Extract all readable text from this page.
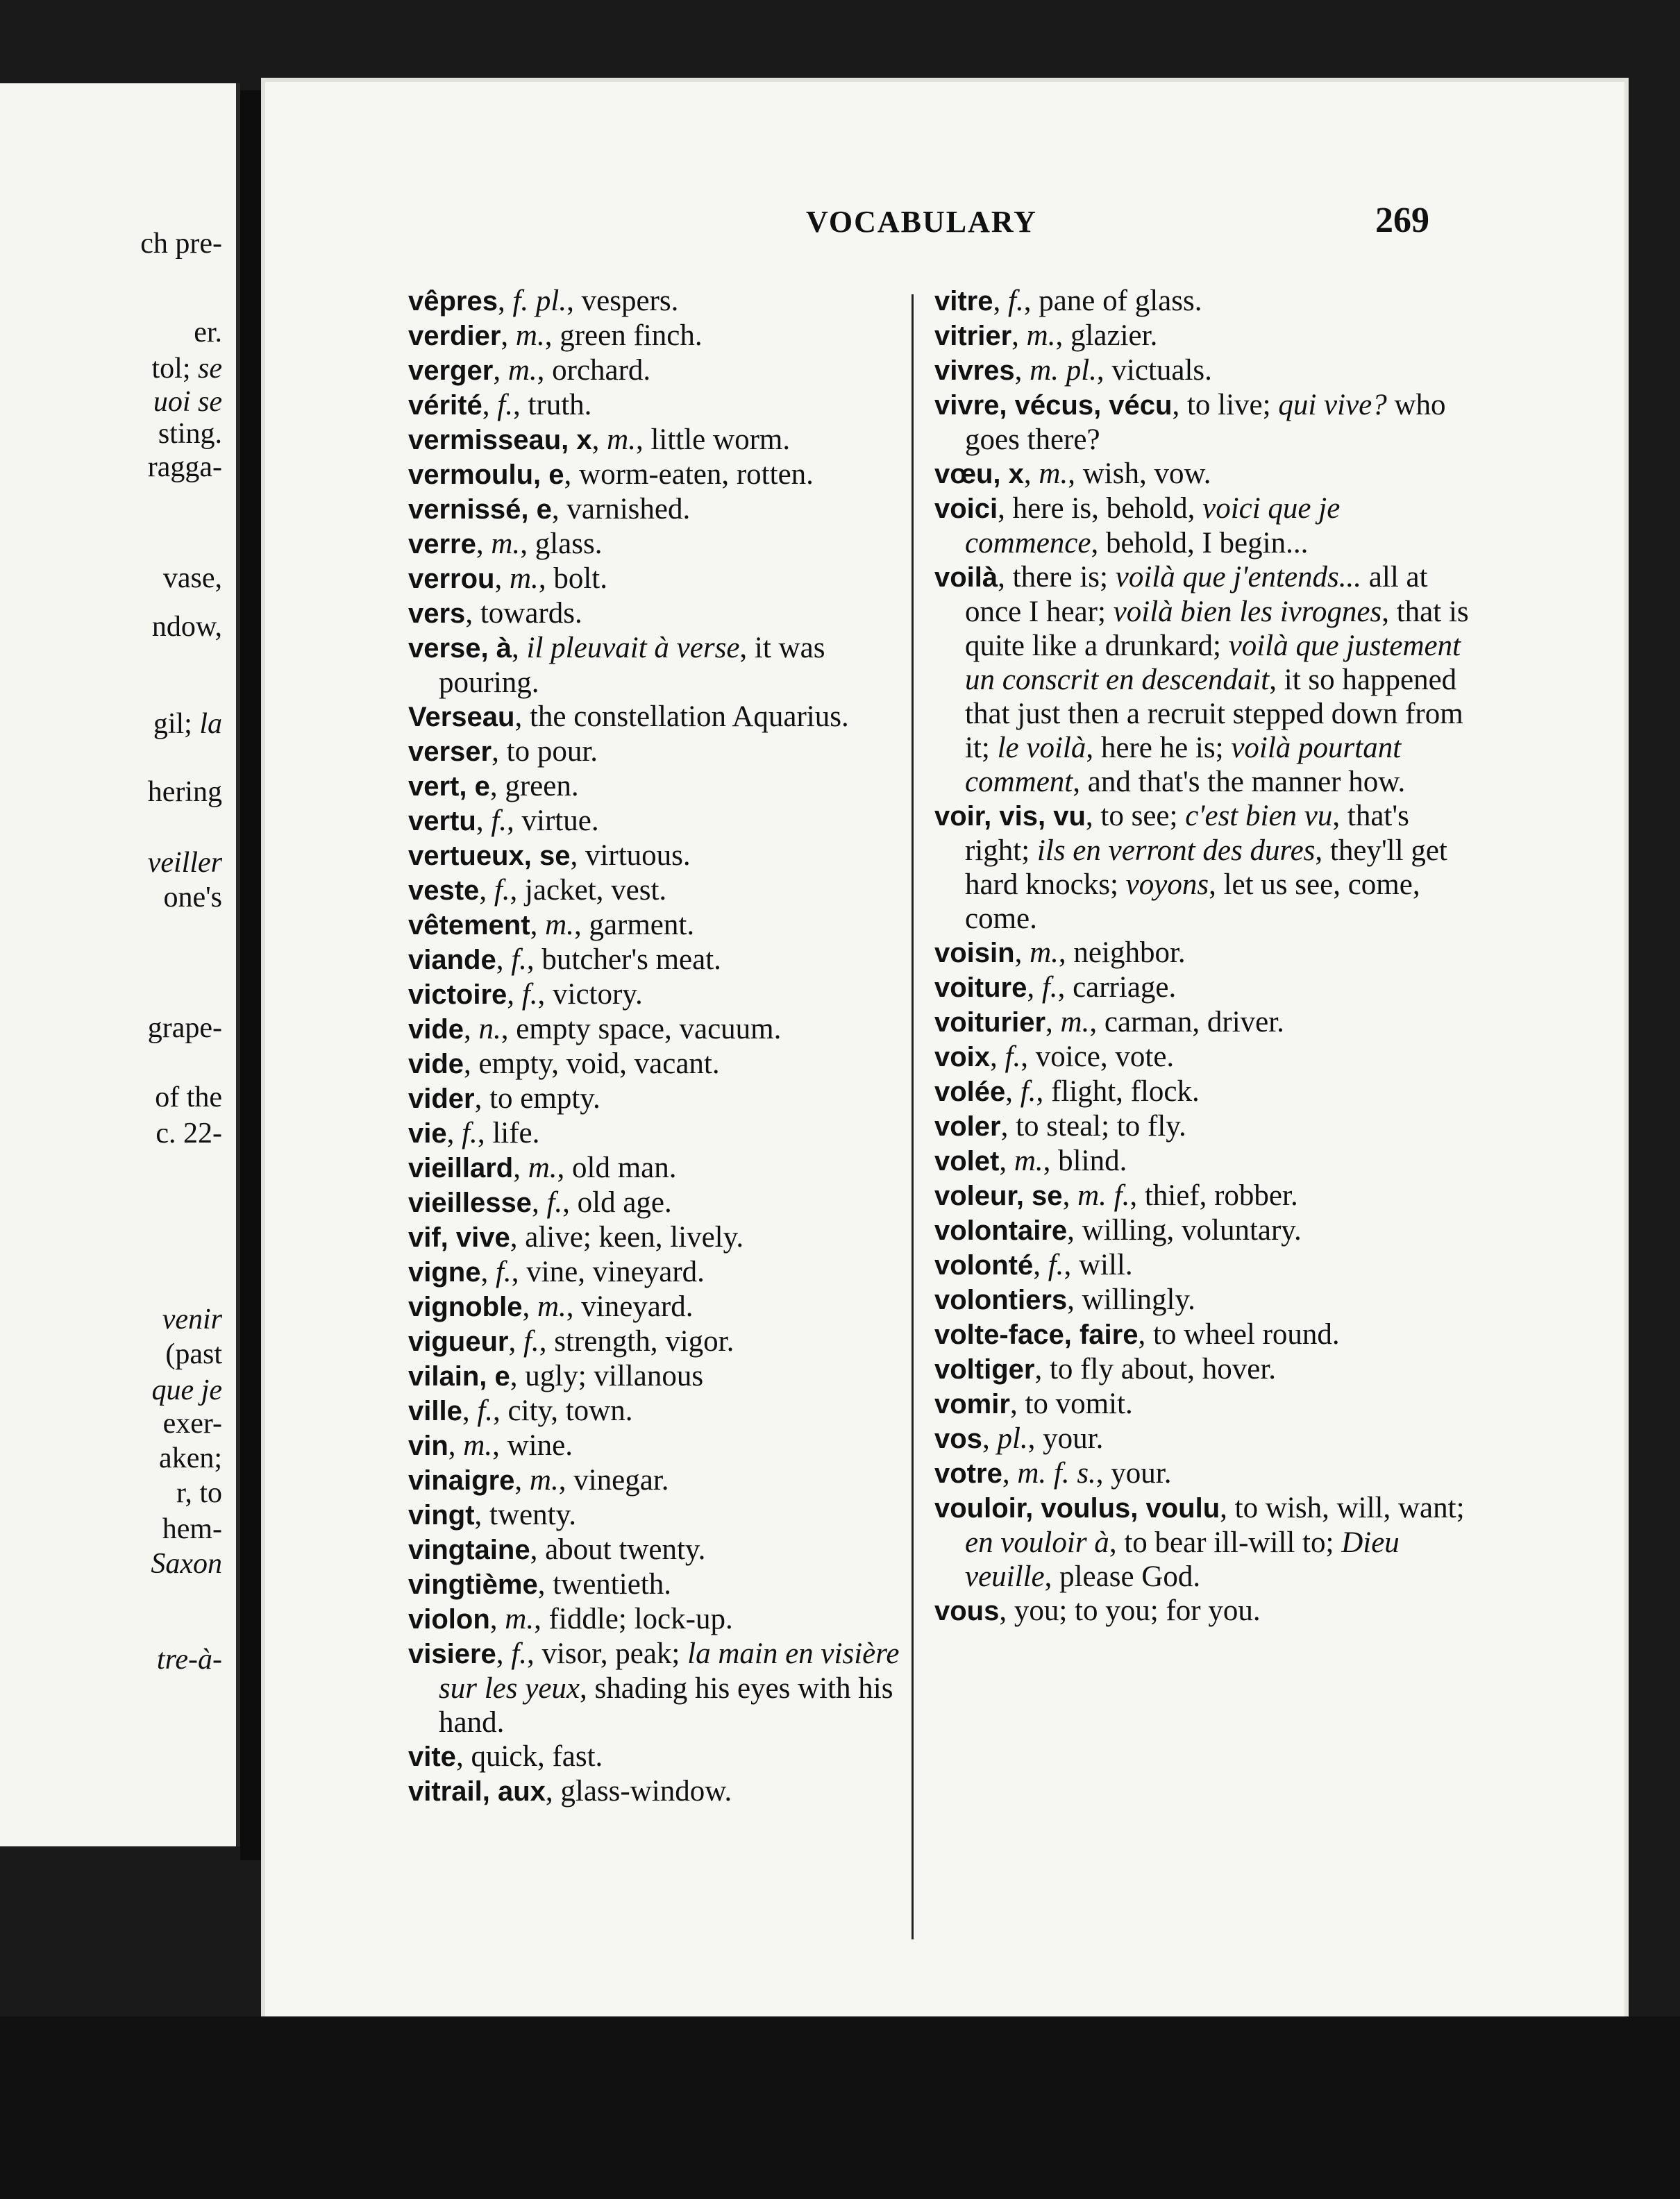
ch pre-
er.
tol; se
uoi se
sting.
ragga-
vase,
ndow,
gil; la
hering
veiller
one's
grape-
of the
c. 22-
venir
(past
que je
exer-
aken;
r, to
hem-
Saxon
tre-à-
VOCABULARY	269

vêpres, f. pl., vespers.

verdier, m., green finch.

verger, m., orchard.

vérité, f., truth.

vermisseau, x, m., little worm.

vermoulu, e, worm-eaten, rotten.

vernissé, e, varnished.

verre, m., glass.

verrou, m., bolt.

vers, towards.

verse, à, il pleuvait à verse, it was pouring.

Verseau, the constellation Aquarius.

verser, to pour.

vert, e, green.

vertu, f., virtue.

vertueux, se, virtuous.

veste, f., jacket, vest.

vêtement, m., garment.

viande, f., butcher's meat.

victoire, f., victory.

vide, n., empty space, vacuum.

vide, empty, void, vacant.

vider, to empty.

vie, f., life.

vieillard, m., old man.

vieillesse, f., old age.

vif, vive, alive; keen, lively.

vigne, f., vine, vineyard.

vignoble, m., vineyard.

vigueur, f., strength, vigor.

vilain, e, ugly; villanous

ville, f., city, town.

vin, m., wine.

vinaigre, m., vinegar.

vingt, twenty.

vingtaine, about twenty.

vingtième, twentieth.

violon, m., fiddle; lock-up.

visiere, f., visor, peak; la main en visière sur les yeux, shading his eyes with his hand.

vite, quick, fast.

vitrail, aux, glass-window.

vitre, f., pane of glass.

vitrier, m., glazier.

vivres, m. pl., victuals.

vivre, vécus, vécu, to live; qui vive? who goes there?

vœu, x, m., wish, vow.

voici, here is, behold, voici que je commence, behold, I begin...

voilà, there is; voilà que j'entends... all at once I hear; voilà bien les ivrognes, that is quite like a drunkard; voilà que justement un conscrit en descendait, it so happened that just then a recruit stepped down from it; le voilà, here he is; voilà pourtant comment, and that's the manner how.

voir, vis, vu, to see; c'est bien vu, that's right; ils en verront des dures, they'll get hard knocks; voyons, let us see, come, come.

voisin, m., neighbor.

voiture, f., carriage.

voiturier, m., carman, driver.

voix, f., voice, vote.

volée, f., flight, flock.

voler, to steal; to fly.

volet, m., blind.

voleur, se, m. f., thief, robber.

volontaire, willing, voluntary.

volonté, f., will.

volontiers, willingly.

volte-face, faire, to wheel round.

voltiger, to fly about, hover.

vomir, to vomit.

vos, pl., your.

votre, m. f. s., your.

vouloir, voulus, voulu, to wish, will, want; en vouloir à, to bear ill-will to; Dieu veuille, please God.

vous, you; to you; for you.
